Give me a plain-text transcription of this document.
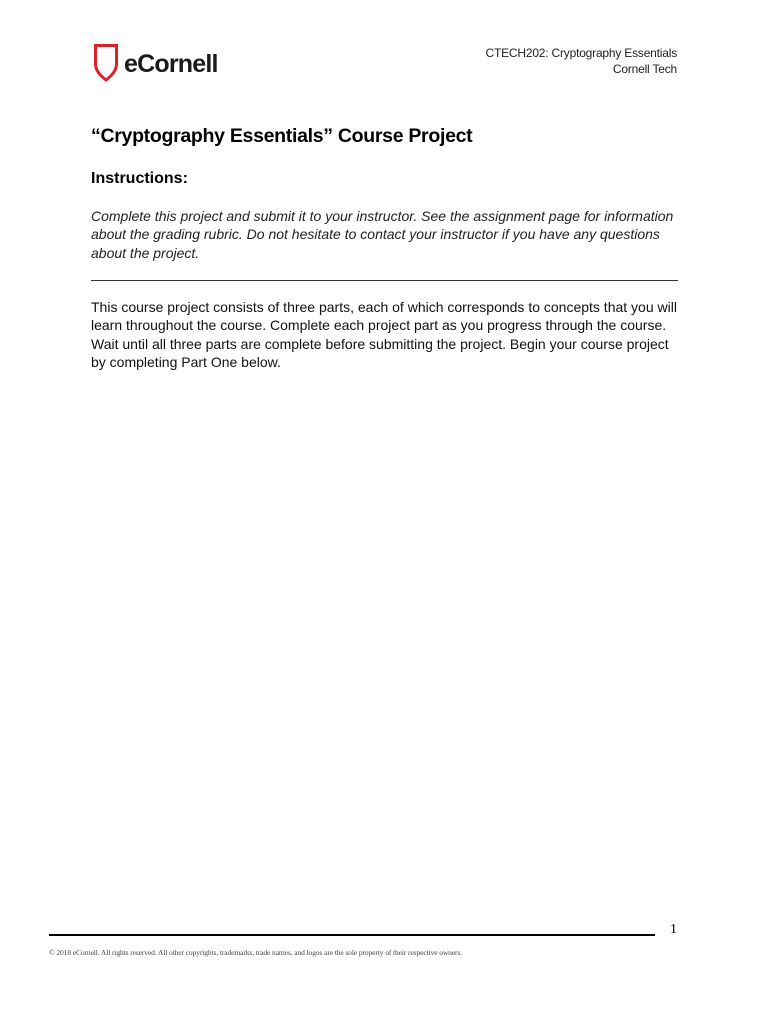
eCornell	CTECH202: Cryptography Essentials
Cornell Tech
“Cryptography Essentials” Course Project
Instructions:

Complete this project and submit it to your instructor. See the assignment page for information about the grading rubric. Do not hesitate to contact your instructor if you have any questions about the project.

This course project consists of three parts, each of which corresponds to concepts that you will learn throughout the course. Complete each project part as you progress through the course. Wait until all three parts are complete before submitting the project. Begin your course project by completing Part One below.

1
© 2018 eCornell. All rights reserved. All other copyrights, trademarks, trade names, and logos are the sole property of their respective owners.
